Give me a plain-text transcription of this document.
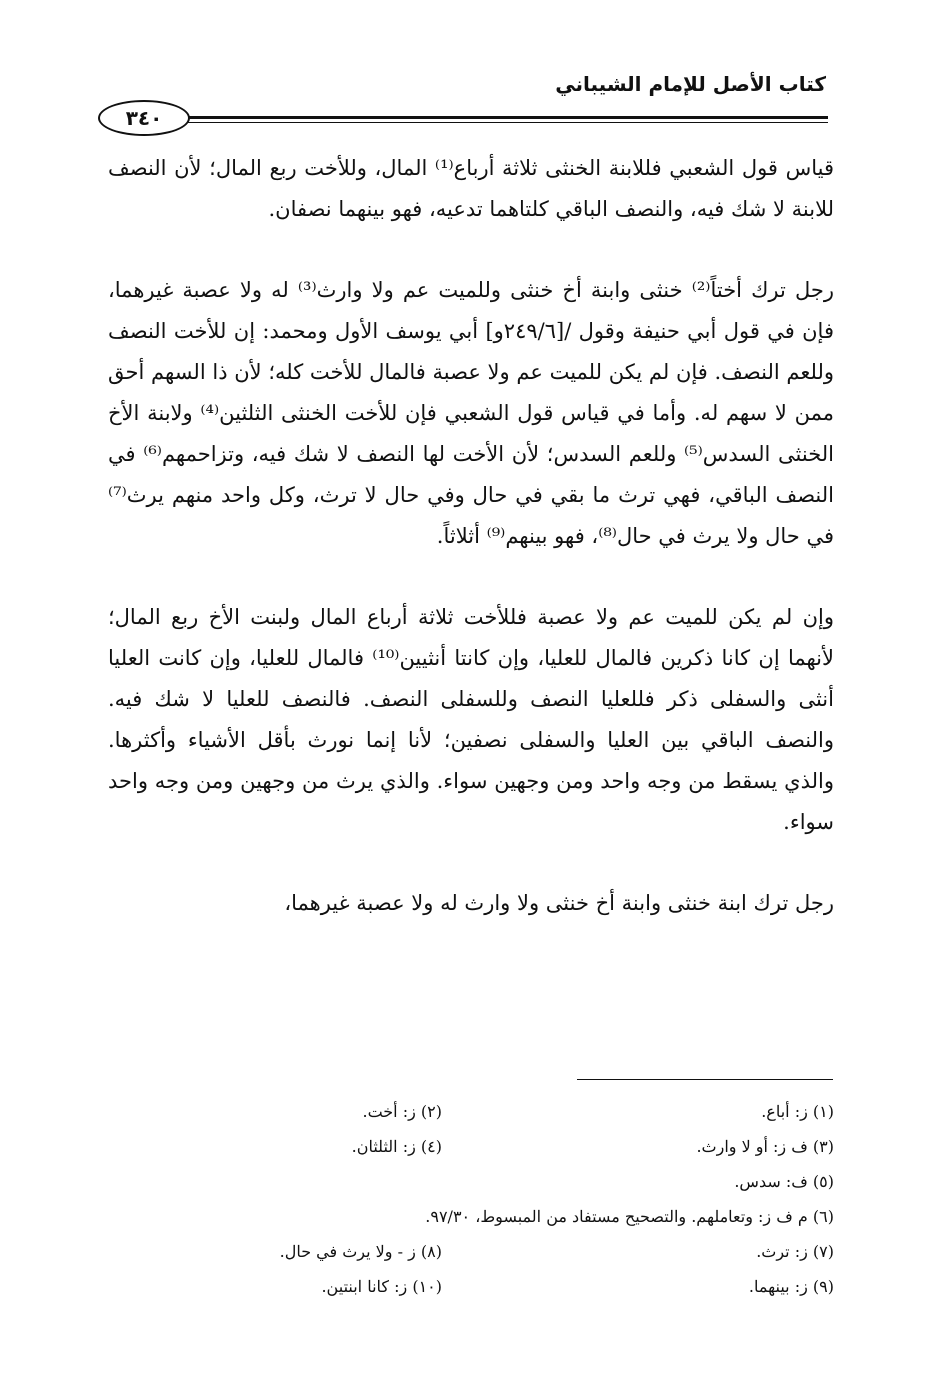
كتاب الأصل للإمام الشيباني
٣٤٠

قياس قول الشعبي فللابنة الخنثى ثلاثة أرباع⁽¹⁾ المال، وللأخت ربع المال؛ لأن النصف للابنة لا شك فيه، والنصف الباقي كلتاهما تدعيه، فهو بينهما نصفان.

رجل ترك أختاً⁽²⁾ خنثى وابنة أخ خنثى وللميت عم ولا وارث⁽³⁾ له ولا عصبة غيرهما، فإن في قول أبي حنيفة وقول /[٢٤٩/٦و] أبي يوسف الأول ومحمد: إن للأخت النصف وللعم النصف. فإن لم يكن للميت عم ولا عصبة فالمال للأخت كله؛ لأن ذا السهم أحق ممن لا سهم له. وأما في قياس قول الشعبي فإن للأخت الخنثى الثلثين⁽⁴⁾ ولابنة الأخ الخنثى السدس⁽⁵⁾ وللعم السدس؛ لأن الأخت لها النصف لا شك فيه، وتزاحمهم⁽⁶⁾ في النصف الباقي، فهي ترث ما بقي في حال وفي حال لا ترث، وكل واحد منهم يرث⁽⁷⁾ في حال ولا يرث في حال⁽⁸⁾، فهو بينهم⁽⁹⁾ أثلاثاً.

وإن لم يكن للميت عم ولا عصبة فللأخت ثلاثة أرباع المال ولبنت الأخ ربع المال؛ لأنهما إن كانا ذكرين فالمال للعليا، وإن كانتا أنثيين⁽¹⁰⁾ فالمال للعليا، وإن كانت العليا أنثى والسفلى ذكر فللعليا النصف وللسفلى النصف. فالنصف للعليا لا شك فيه. والنصف الباقي بين العليا والسفلى نصفين؛ لأنا إنما نورث بأقل الأشياء وأكثرها. والذي يسقط من وجه واحد ومن وجهين سواء. والذي يرث من وجهين ومن وجه واحد سواء.

رجل ترك ابنة خنثى وابنة أخ خنثى ولا وارث له ولا عصبة غيرهما،

(١) ز: أباع.
(٢) ز: أخت.
(٣) ف ز: أو لا وارث.
(٤) ز: الثلثان.
(٥) ف: سدس.
(٦) م ف ز: وتعاملهم. والتصحيح مستفاد من المبسوط، ٩٧/٣٠.
(٧) ز: ترث.
(٨) ز - ولا يرث في حال.
(٩) ز: بينهما.
(١٠) ز: كانا ابنتين.
